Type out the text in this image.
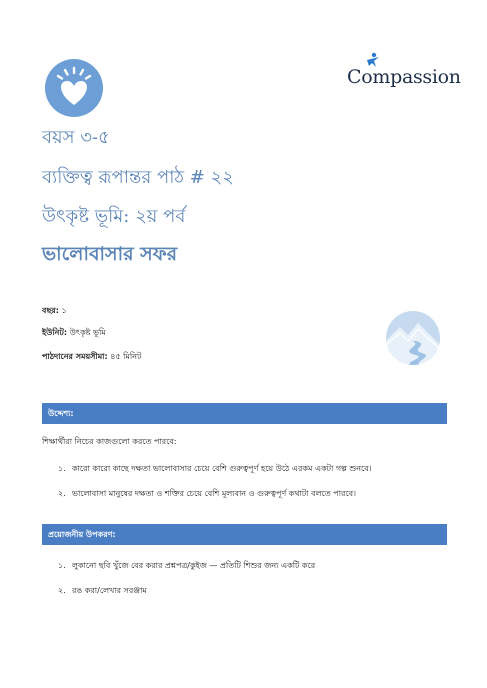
Compassion
বয়স ৩-৫
ব্যক্তিত্ব রূপান্তর পাঠ # ২২
উৎকৃষ্ট ভূমি: ২য় পর্ব
ভালোবাসার সফর
বছর: ১
ইউনিট: উৎকৃষ্ট ভূমি
পাঠদানের সময়সীমা: ৪৫ মিনিট
উদ্দেশ্য:
শিক্ষার্থীরা নিচের কাজগুলো করতে পারবে:
১. কারো কারো কাছে দক্ষতা ভালোবাসার চেয়ে বেশি গুরুত্বপূর্ণ হয়ে উঠে এরকম একটা গল্প শুনবে।
২. ভালোবাসা মানুষের দক্ষতা ও শক্তির চেয়ে বেশি মূল্যবান ও গুরুত্বপূর্ণ কথাটা বলতে পারবে।
প্রয়োজনীয় উপকরণ:
১. লুকানো ছবি খুঁজে বের করার প্রশ্নপত্র/কুইজ — প্রতিটি শিশুর জন্য একটি করে
২. রঙ করা/লেখার সরঞ্জাম
